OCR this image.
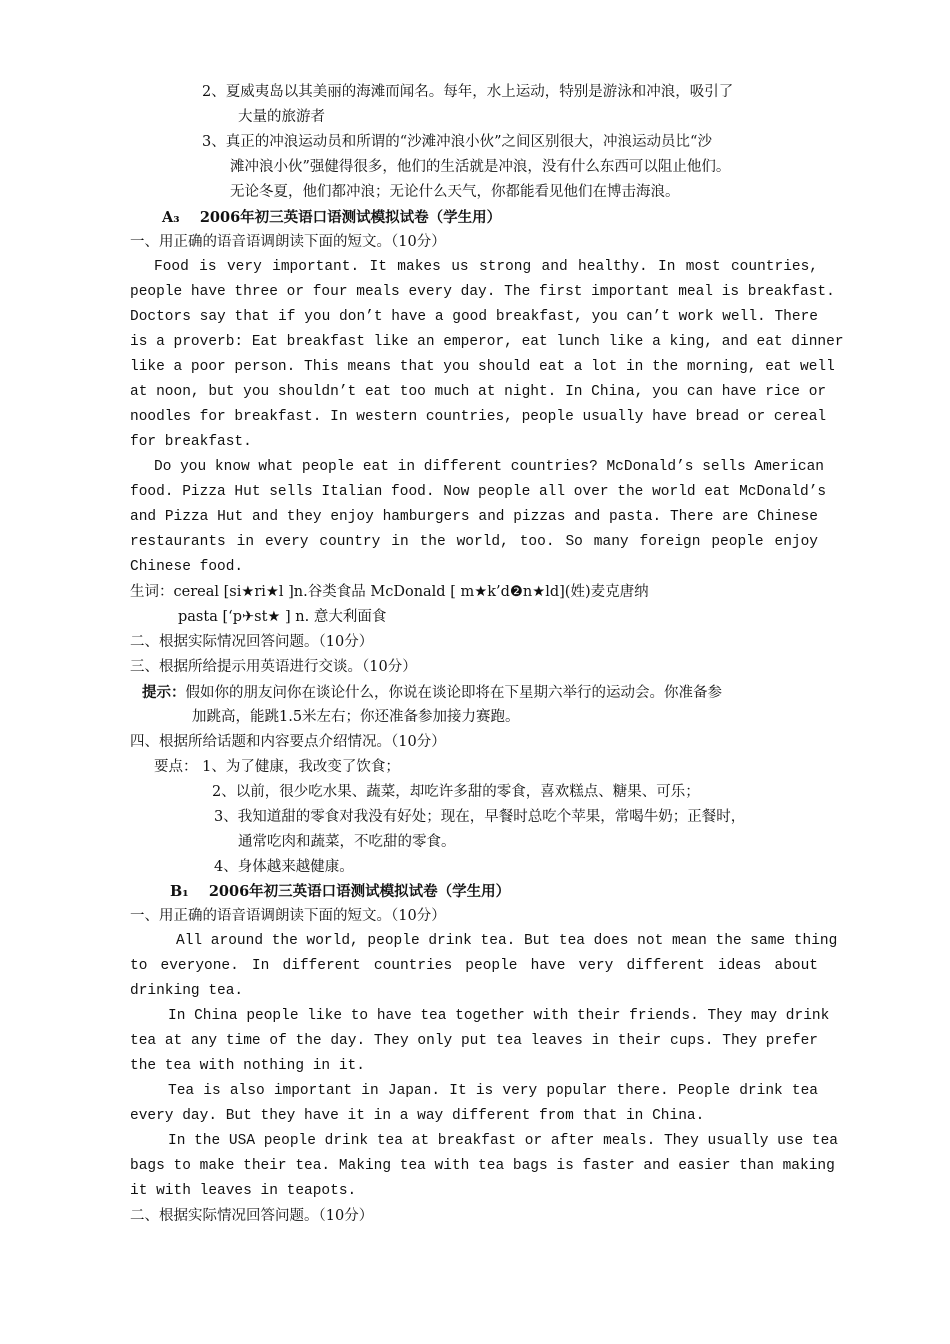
2、夏威夷岛以其美丽的海滩而闻名。每年，水上运动，特别是游泳和冲浪，吸引了
大量的旅游者
3、真正的冲浪运动员和所谓的“沙滩冲浪小伙”之间区别很大，冲浪运动员比“沙
滩冲浪小伙”强健得很多，他们的生活就是冲浪，没有什么东西可以阻止他们。
无论冬夏，他们都冲浪；无论什么天气，你都能看见他们在博击海浪。
A₃ 2006年初三英语口语测试模拟试卷（学生用）
一、用正确的语音语调朗读下面的短文。（10分）
Food is very important. It makes us strong and healthy. In most countries,
people have three or four meals every day. The first important meal is breakfast.
Doctors say that if you don’t have a good breakfast, you can’t work well. There
is a proverb: Eat breakfast like an emperor, eat lunch like a king, and eat dinner
like a poor person. This means that you should eat a lot in the morning, eat well
at noon, but you shouldn’t eat too much at night. In China, you can have rice or
noodles for breakfast. In western countries, people usually have bread or cereal
for breakfast.
Do you know what people eat in different countries? McDonald’s sells American
food. Pizza Hut sells Italian food. Now people all over the world eat McDonald’s
and Pizza Hut and they enjoy hamburgers and pizzas and pasta. There are Chinese
restaurants in every country in the world, too. So many foreign people enjoy
Chinese food.
生词：cereal [si★ri★l ]n.谷类食品 McDonald [ m★k’d❷n★ld](姓)麦克唐纳
pasta [‘p✈st★ ] n. 意大利面食
二、根据实际情况回答问题。（10分）
三、根据所给提示用英语进行交谈。（10分）
提示：假如你的朋友问你在谈论什么，你说在谈论即将在下星期六举行的运动会。你准备参
加跳高，能跳1.5米左右；你还准备参加接力赛跑。
四、根据所给话题和内容要点介绍情况。（10分）
要点： 1、为了健康，我改变了饮食；
2、以前，很少吃水果、蔬菜，却吃许多甜的零食，喜欢糕点、糖果、可乐；
3、我知道甜的零食对我没有好处；现在，早餐时总吃个苹果，常喝牛奶；正餐时，
通常吃肉和蔬菜，不吃甜的零食。
4、身体越来越健康。
B₁ 2006年初三英语口语测试模拟试卷（学生用）
一、用正确的语音语调朗读下面的短文。（10分）
All around the world, people drink tea. But tea does not mean the same thing
to everyone. In different countries people have very different ideas about
drinking tea.
In China people like to have tea together with their friends. They may drink
tea at any time of the day. They only put tea leaves in their cups. They prefer
the tea with nothing in it.
Tea is also important in Japan. It is very popular there. People drink tea
every day. But they have it in a way different from that in China.
In the USA people drink tea at breakfast or after meals. They usually use tea
bags to make their tea. Making tea with tea bags is faster and easier than making
it with leaves in teapots.
二、根据实际情况回答问题。（10分）
